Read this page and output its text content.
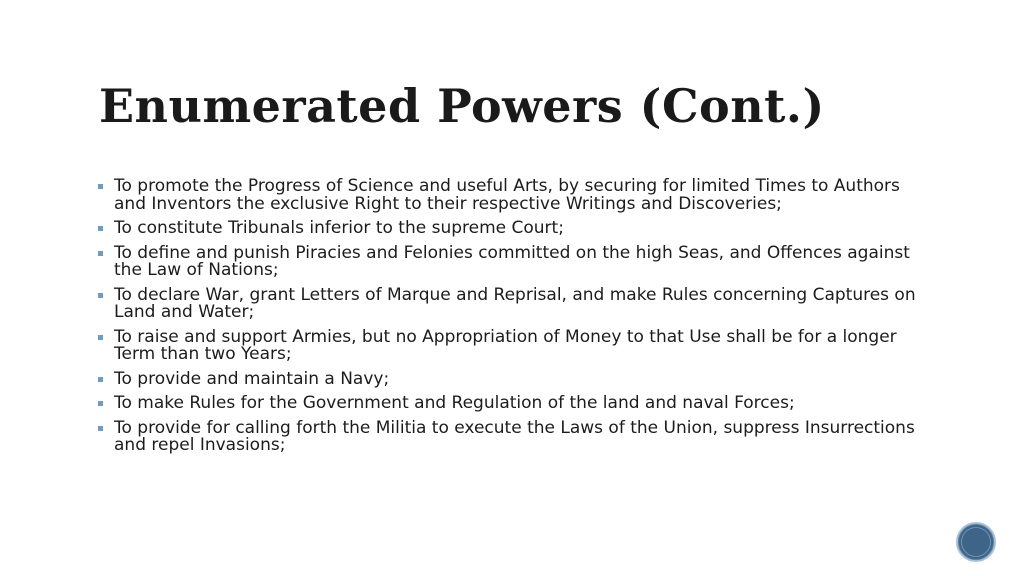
Enumerated Powers (Cont.)
To promote the Progress of Science and useful Arts, by securing for limited Times to Authors and Inventors the exclusive Right to their respective Writings and Discoveries;
To constitute Tribunals inferior to the supreme Court;
To define and punish Piracies and Felonies committed on the high Seas, and Offences against the Law of Nations;
To declare War, grant Letters of Marque and Reprisal, and make Rules concerning Captures on Land and Water;
To raise and support Armies, but no Appropriation of Money to that Use shall be for a longer Term than two Years;
To provide and maintain a Navy;
To make Rules for the Government and Regulation of the land and naval Forces;
To provide for calling forth the Militia to execute the Laws of the Union, suppress Insurrections and repel Invasions;
